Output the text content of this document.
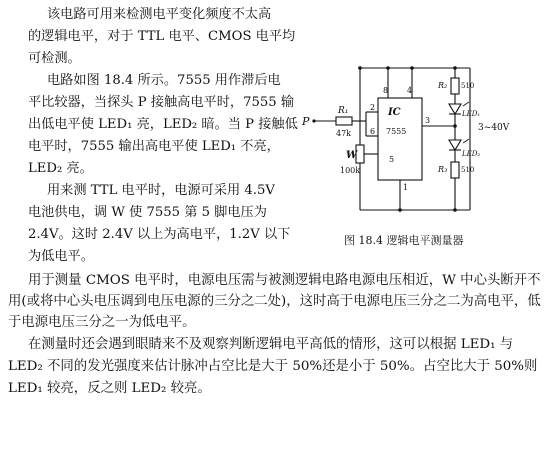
该电路可用来检测电平变化频度不太高
的逻辑电平，对于 TTL 电平、CMOS 电平均
可检测。
电路如图 18.4 所示。7555 用作滞后电
平比较器，当探头 P 接触高电平时，7555 输
出低电平使 LED₁ 亮，LED₂ 暗。当 P 接触低
电平时，7555 输出高电平使 LED₁ 不亮，
LED₂ 亮。
用来测 TTL 电平时，电源可采用 4.5V
电池供电，调 W 使 7555 第 5 脚电压为
2.4V。这时 2.4V 以上为高电平，1.2V 以下
为低电平。
用于测量 CMOS 电平时，电源电压需与被测逻辑电路电源电压相近，W 中心头断开不
用(或将中心头电压调到电压电源的三分之二处)，这时高于电源电压三分之二为高电平，低
于电源电压三分之一为低电平。
在测量时还会遇到眼睛来不及观察判断逻辑电平高低的情形，这可以根据 LED₁ 与
LED₂ 不同的发光强度来估计脉冲占空比是大于 50%还是小于 50%。占空比大于 50%则
LED₁ 较亮，反之则 LED₂ 较亮。
P
R₁
47k
IC
7555
8 4
2
6
3
5
1
W
100k
R₂ 510
LED₁
LED₂
R₃ 510
3~40V
图 18.4 逻辑电平测量器
